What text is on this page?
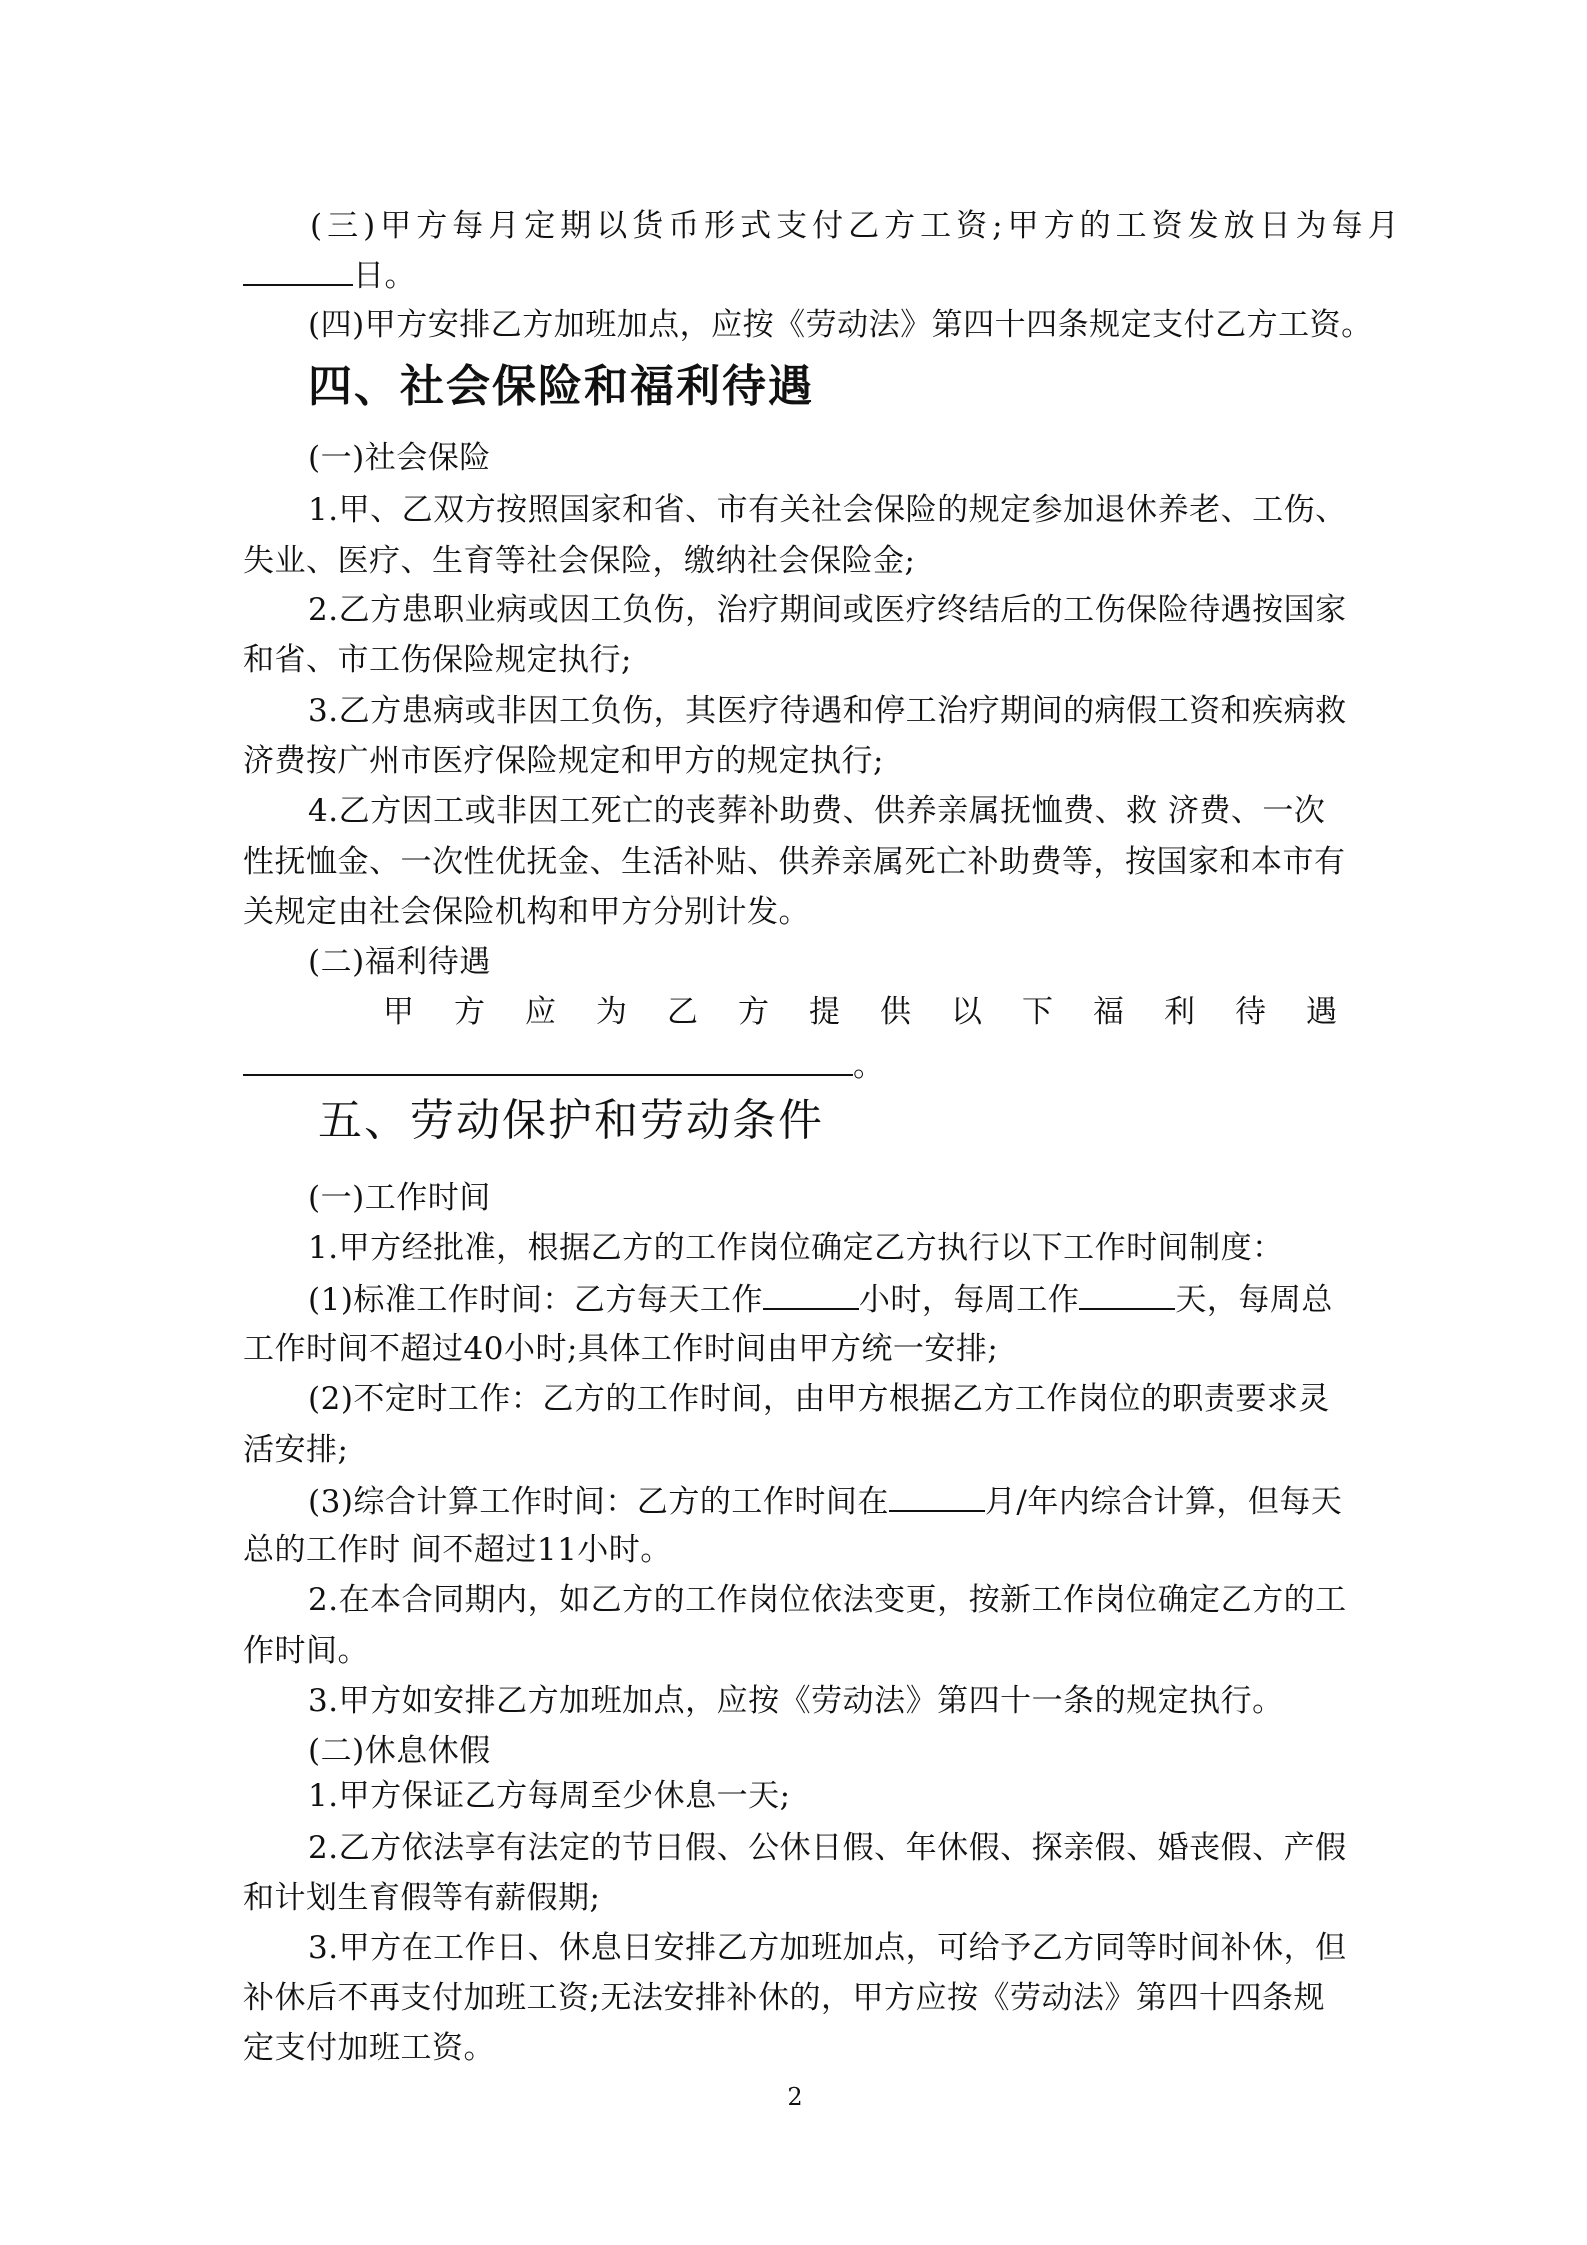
(三)甲方每月定期以货币形式支付乙方工资;甲方的工资发放日为每月

日。

(四)甲方安排乙方加班加点，应按《劳动法》第四十四条规定支付乙方工资。

四、社会保险和福利待遇

(一)社会保险

1.甲、乙双方按照国家和省、市有关社会保险的规定参加退休养老、工伤、

失业、医疗、生育等社会保险，缴纳社会保险金;

2.乙方患职业病或因工负伤，治疗期间或医疗终结后的工伤保险待遇按国家

和省、市工伤保险规定执行;

3.乙方患病或非因工负伤，其医疗待遇和停工治疗期间的病假工资和疾病救

济费按广州市医疗保险规定和甲方的规定执行;

4.乙方因工或非因工死亡的丧葬补助费、供养亲属抚恤费、救 济费、一次

性抚恤金、一次性优抚金、生活补贴、供养亲属死亡补助费等，按国家和本市有

关规定由社会保险机构和甲方分别计发。

(二)福利待遇

甲方应为乙方提供以下福利待遇

。

五、劳动保护和劳动条件

(一)工作时间

1.甲方经批准，根据乙方的工作岗位确定乙方执行以下工作时间制度：

(1)标准工作时间：乙方每天工作	小时，每周工作	天，每周总

工作时间不超过40小时;具体工作时间由甲方统一安排;

(2)不定时工作：乙方的工作时间，由甲方根据乙方工作岗位的职责要求灵

活安排;

(3)综合计算工作时间：乙方的工作时间在	月/年内综合计算，但每天

总的工作时 间不超过11小时。

2.在本合同期内，如乙方的工作岗位依法变更，按新工作岗位确定乙方的工

作时间。

3.甲方如安排乙方加班加点，应按《劳动法》第四十一条的规定执行。

(二)休息休假

1.甲方保证乙方每周至少休息一天;

2.乙方依法享有法定的节日假、公休日假、年休假、探亲假、婚丧假、产假

和计划生育假等有薪假期;

3.甲方在工作日、休息日安排乙方加班加点，可给予乙方同等时间补休，但

补休后不再支付加班工资;无法安排补休的，甲方应按《劳动法》第四十四条规

定支付加班工资。

2
